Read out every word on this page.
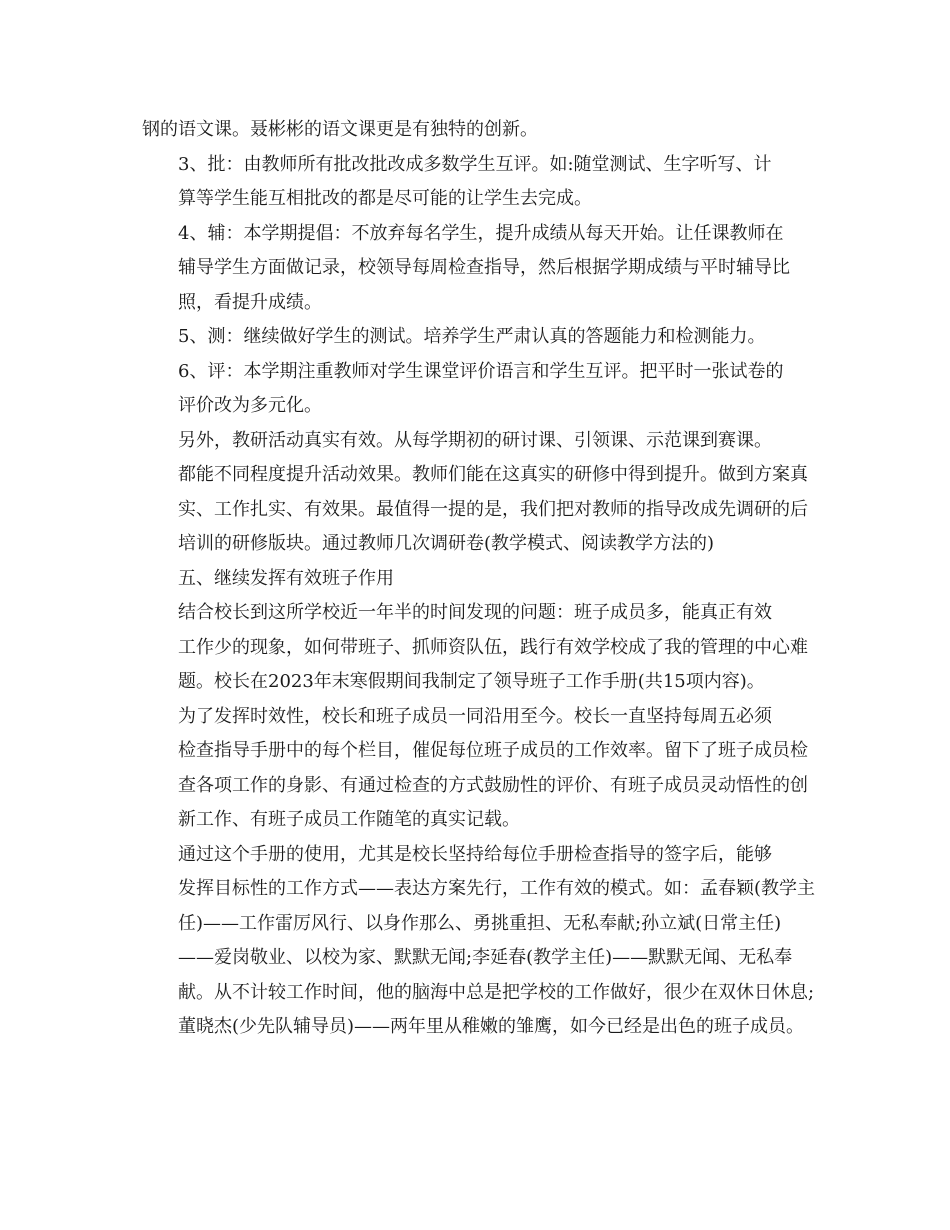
钢的语文课。聂彬彬的语文课更是有独特的创新。

3、批：由教师所有批改批改成多数学生互评。如:随堂测试、生字听写、计
算等学生能互相批改的都是尽可能的让学生去完成。

4、辅：本学期提倡：不放弃每名学生，提升成绩从每天开始。让任课教师在
辅导学生方面做记录，校领导每周检查指导，然后根据学期成绩与平时辅导比
照，看提升成绩。

5、测：继续做好学生的测试。培养学生严肃认真的答题能力和检测能力。

6、评：本学期注重教师对学生课堂评价语言和学生互评。把平时一张试卷的
评价改为多元化。

另外，教研活动真实有效。从每学期初的研讨课、引领课、示范课到赛课。
都能不同程度提升活动效果。教师们能在这真实的研修中得到提升。做到方案真
实、工作扎实、有效果。最值得一提的是，我们把对教师的指导改成先调研的后
培训的研修版块。通过教师几次调研卷(教学模式、阅读教学方法的)

五、继续发挥有效班子作用

结合校长到这所学校近一年半的时间发现的问题：班子成员多，能真正有效
工作少的现象，如何带班子、抓师资队伍，践行有效学校成了我的管理的中心难
题。校长在2023年末寒假期间我制定了领导班子工作手册(共15项内容)。

为了发挥时效性，校长和班子成员一同沿用至今。校长一直坚持每周五必须
检查指导手册中的每个栏目，催促每位班子成员的工作效率。留下了班子成员检
查各项工作的身影、有通过检查的方式鼓励性的评价、有班子成员灵动悟性的创
新工作、有班子成员工作随笔的真实记载。

通过这个手册的使用，尤其是校长坚持给每位手册检查指导的签字后，能够
发挥目标性的工作方式——表达方案先行，工作有效的模式。如：孟春颖(教学主
任)——工作雷厉风行、以身作那么、勇挑重担、无私奉献;孙立斌(日常主任)
——爱岗敬业、以校为家、默默无闻;李延春(教学主任)——默默无闻、无私奉
献。从不计较工作时间，他的脑海中总是把学校的工作做好，很少在双休日休息;
董晓杰(少先队辅导员)——两年里从稚嫩的雏鹰，如今已经是出色的班子成员。
